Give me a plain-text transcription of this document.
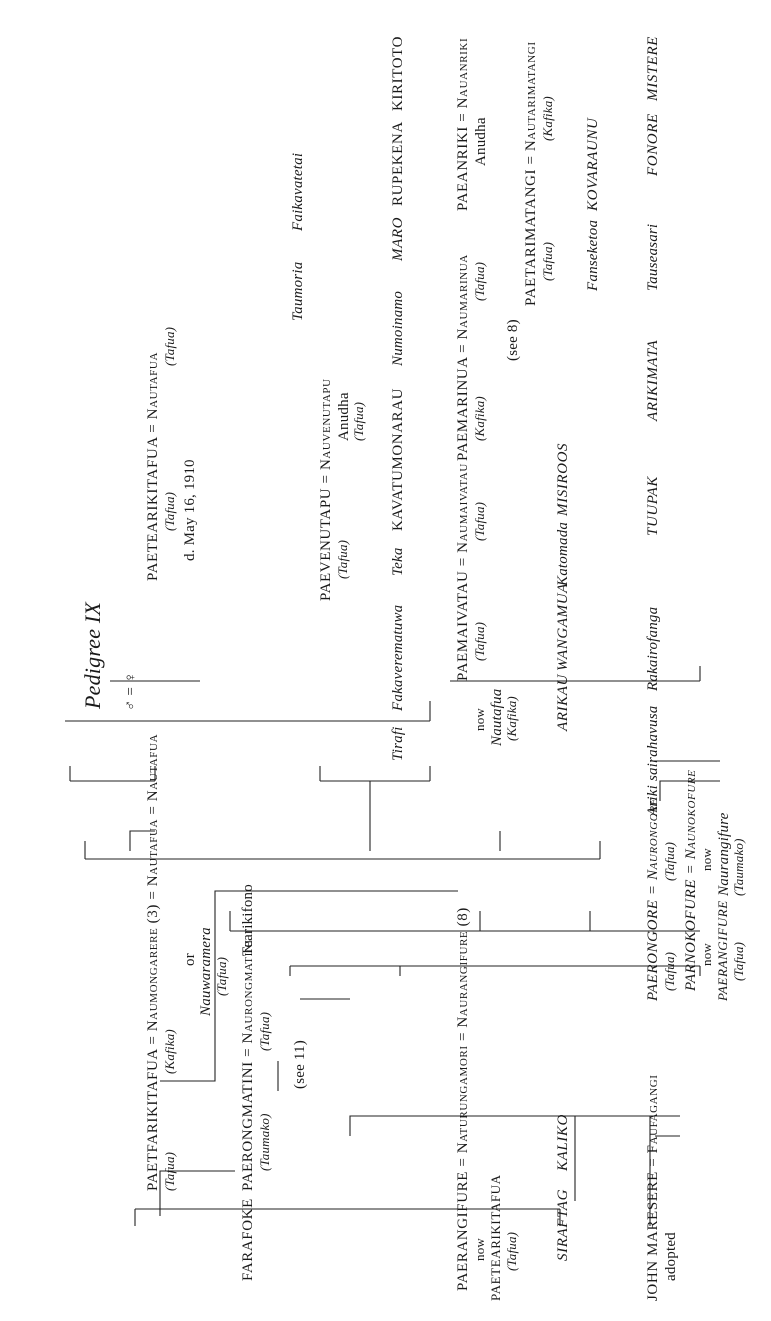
Pedigree IX ♂ = ♀
PAETFARIKITAFUA = Naumongarere (3) = Nautafua = Nautafua (Tafua)
(Kafika)
or Nauwaramera (Tafua)
PAETEARIKITAFUA = Nautafua (Tafua)
(Tafua)
d. May 16, 1910
FARAFOKE
PAERONGMATINI = Naurongmatini (Taumako)
(Tafua)
Tearikifono
(see 11)
PAEVENUTAPU = Nauvenutapu (Tafua)
Anudha (Tafua)
Taumoria
Faikavatetai
PAERANGIFURE = Naturungamori = Naurangifure (8) now PAETEARIKITAFUA (Tafua)
now Nautafua (Kafika)
PAEMAIVATAU = Naumaivatau (Tafua)
(Tafua)
PAEMARINUA = Naumarinua (Kafika)
(Tafua)
(see 8)
Tirafi
Fakaverematuwa
Teka
KAVATUMONARAU
Numoinamo
MARO
RUPEKENA
KIRITOTO	PAEANRIKI = Nauanriki Anudha PAETARIMATANGI = Nautarimatangi (Tafua)
(Kafika)
SIRAFTAG
KALIKO
ARIKAU
WANGAMUA
Katomada
MISIROOS
Fanseketoa
KOVARAUNU
JOHN MARESERE = Faufagangi adopted
PAERONGORE = Naurongore (Tafua)
(Tafua) PARNOKOFURE = Naunokofure now
now
PAERANGIFURE (Tafua)
Naurangifure (Taumako)
Ariki sairahavusa
Rakairofanga
TUUPAK
ARIKIMATA
Tauseasari
FONORE
MISTERE
